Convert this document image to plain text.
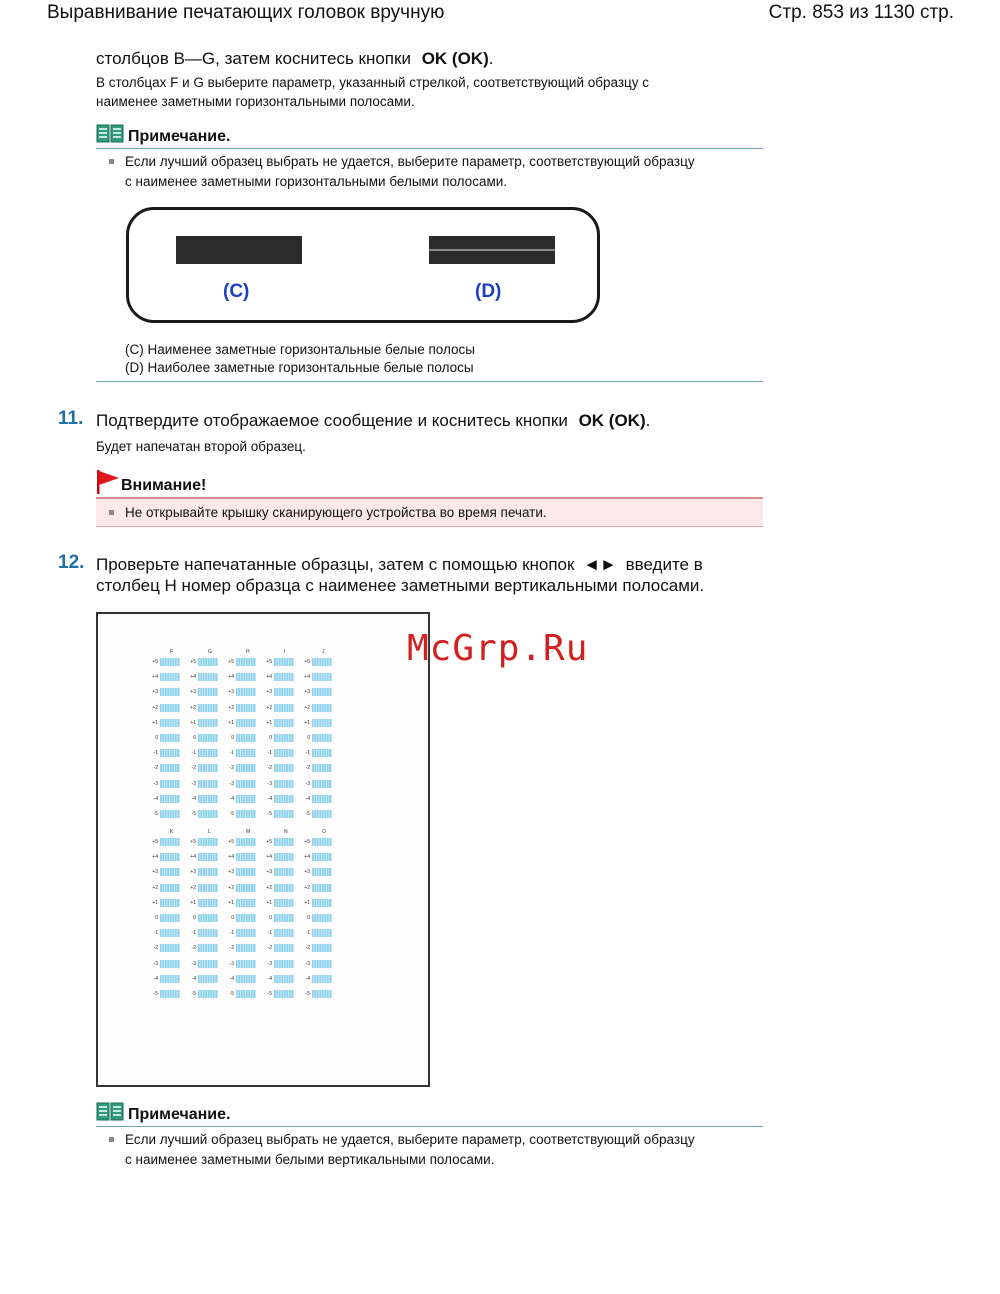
Выравнивание печатающих головок вручную	Стр. 853 из 1130 стр.
столбцов B—G, затем коснитесь кнопки OK (OK).
В столбцах F и G выберите параметр, указанный стрелкой, соответствующий образцу с
наименее заметными горизонтальными полосами.
Примечание.
Если лучший образец выбрать не удается, выберите параметр, соответствующий образцу
с наименее заметными горизонтальными белыми полосами.
(C)	(D)
(C) Наименее заметные горизонтальные белые полосы
(D) Наиболее заметные горизонтальные белые полосы
11. Подтвердите отображаемое сообщение и коснитесь кнопки OK (OK).
Будет напечатан второй образец.
Внимание!
Не открывайте крышку сканирующего устройства во время печати.
12. Проверьте напечатанные образцы, затем с помощью кнопок ◄► введите в
столбец H номер образца с наименее заметными вертикальными полосами.
F	G	H	I	J
+5	+5	+5	+5	+5
+4	+4	+4	+4	+4
+3	+3	+3	+3	+3
+2	+2	+2	+2	+2
+1	+1	+1	+1	+1
0	0	0	0	0
-1	-1	-1	-1	-1
-2	-2	-2	-2	-2
-3	-3	-3	-3	-3
-4	-4	-4	-4	-4
-5	-5	-5	-5	-5
K	L	M	N	O
+5	+5	+5	+5	+5
+4	+4	+4	+4	+4
+3	+3	+3	+3	+3
+2	+2	+2	+2	+2
+1	+1	+1	+1	+1
0	0	0	0	0
-1	-1	-1	-1	-1
-2	-2	-2	-2	-2
-3	-3	-3	-3	-3
-4	-4	-4	-4	-4
-5	-5	-5	-5	-5
McGrp.Ru
Примечание.
Если лучший образец выбрать не удается, выберите параметр, соответствующий образцу
с наименее заметными белыми вертикальными полосами.
